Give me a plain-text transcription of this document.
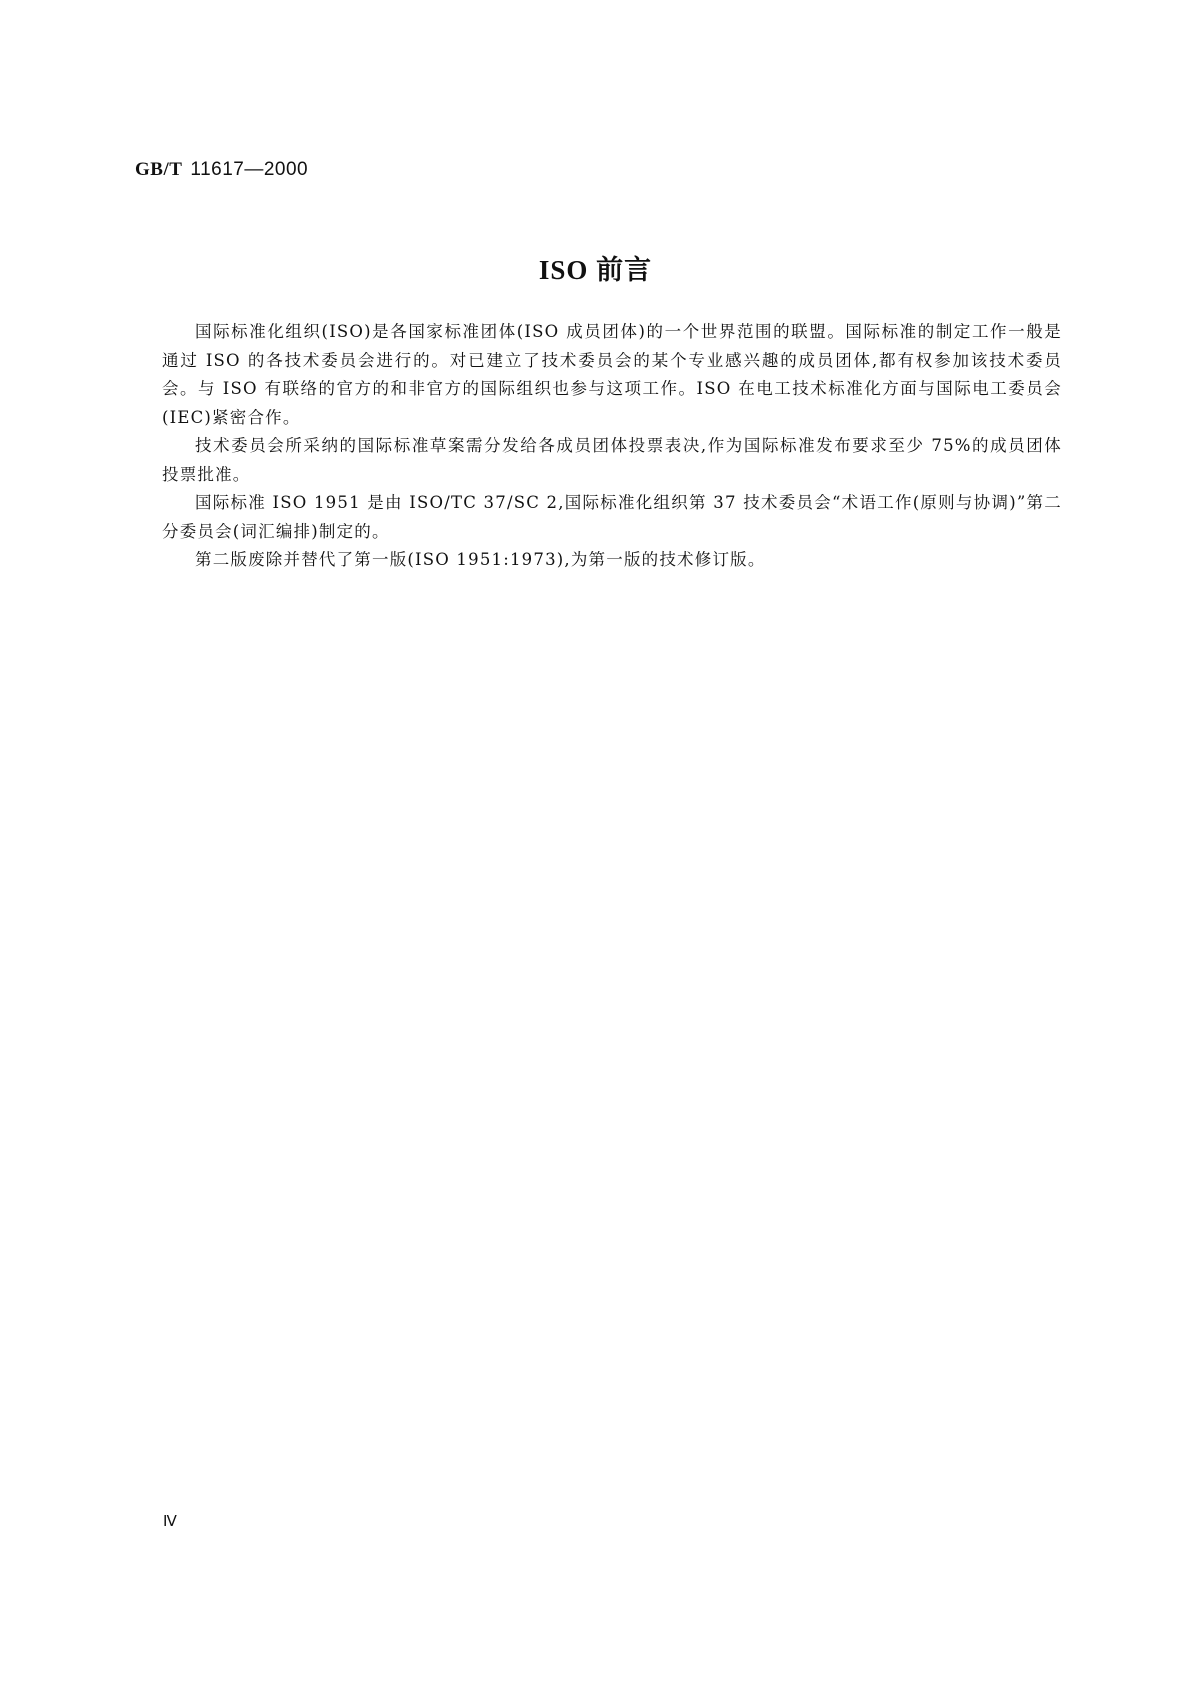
GB/T 11617—2000
ISO 前言

国际标准化组织(ISO)是各国家标准团体(ISO 成员团体)的一个世界范围的联盟。国际标准的制定工作一般是通过 ISO 的各技术委员会进行的。对已建立了技术委员会的某个专业感兴趣的成员团体,都有权参加该技术委员会。与 ISO 有联络的官方的和非官方的国际组织也参与这项工作。ISO 在电工技术标准化方面与国际电工委员会(IEC)紧密合作。

技术委员会所采纳的国际标准草案需分发给各成员团体投票表决,作为国际标准发布要求至少 75%的成员团体投票批准。

国际标准 ISO 1951 是由 ISO/TC 37/SC 2,国际标准化组织第 37 技术委员会“术语工作(原则与协调)”第二分委员会(词汇编排)制定的。

第二版废除并替代了第一版(ISO 1951:1973),为第一版的技术修订版。

Ⅳ
